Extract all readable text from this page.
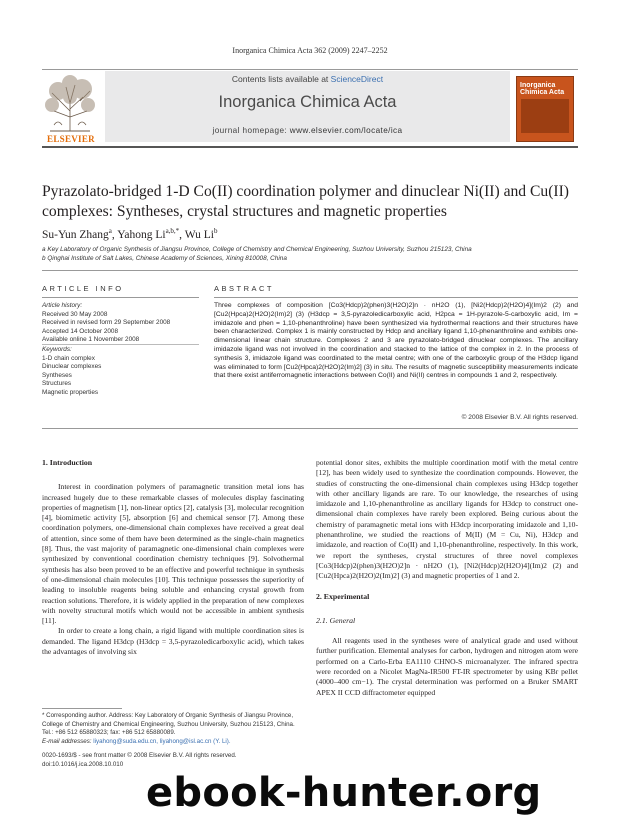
Inorganica Chimica Acta 362 (2009) 2247–2252
Contents lists available at ScienceDirect
Inorganica Chimica Acta
journal homepage: www.elsevier.com/locate/ica
ELSEVIER
Inorganica Chimica Acta
Pyrazolato-bridged 1-D Co(II) coordination polymer and dinuclear Ni(II) and Cu(II) complexes: Syntheses, crystal structures and magnetic properties
Su-Yun Zhang$^a$, Yahong $Li^{a,b,*}$, Wu Li$^b$
a Key Laboratory of Organic Synthesis of Jiangsu Province, College of Chemistry and Chemical Engineering, Suzhou University, Suzhou 215123, China
b Qinghai Institute of Salt Lakes, Chinese Academy of Sciences, Xining 810008, China
ARTICLE INFO	ABSTRACT
Article history:
Received 30 May 2008
Received in revised form 29 September 2008
Accepted 14 October 2008
Available online 1 November 2008
Keywords:
1-D chain complex
Dinuclear complexes
Syntheses
Structures
Magnetic properties
Three complexes of composition [Co3(Hdcp)2(phen)3(H2O)2]n · nH2O (1), [Ni2(Hdcp)2(H2O)4](Im)2 (2) and [Cu2(Hpca)2(H2O)2(Im)2] (3) (H3dcp = 3,5-pyrazoledicarboxylic acid, H2pca = 1H-pyrazole-5-carboxylic acid, Im = imidazole and phen = 1,10-phenanthroline) have been synthesized via hydrothermal reactions and their structures have been characterized. Complex 1 is mainly constructed by Hdcp and ancillary ligand 1,10-phenanthroline and exhibits one-dimensional linear chain structure. Complexes 2 and 3 are pyrazolato-bridged dinuclear complexes. The ancillary imidazole ligand was not involved in the coordination and stacked to the lattice of the complex in 2. In the process of synthesis 3, imidazole ligand was coordinated to the metal centre; with one of the carboxylic group of the H3dcp ligand was eliminated to form [Cu2(Hpca)2(H2O)2(Im)2] (3) in situ. The results of magnetic susceptibility measurements indicate that there exist antiferromagnetic interactions between Co(II) and Ni(II) centres in compounds 1 and 2, respectively.
© 2008 Elsevier B.V. All rights reserved.

1. Introduction

Interest in coordination polymers of paramagnetic transition metal ions has increased hugely due to these remarkable classes of molecules display fascinating properties of magnetism [1], non-linear optics [2], catalysis [3], molecular recognition [4], biomimetic activity [5], absorption [6] and chemical sensor [7]. Among these coordination polymers, one-dimensional chain complexes have received a great deal of attention, since some of them have been determined as the single-chain magnetics [8]. Thus, the vast majority of paramagnetic one-dimensional chain complexes were synthesized by conventional coordination chemistry techniques [9]. Solvothermal synthesis has also been proved to be an effective and powerful technique in synthesis of one-dimensional chain molecules [10]. This technique possesses the superiority of leading to insoluble reagents being soluble and enhancing crystal growth from reaction solutions. Therefore, it is widely applied in the preparation of new complexes with novelty structural motifs which would not be accessible in ambient synthesis [11].

In order to create a long chain, a rigid ligand with multiple coordination sites is demanded. The ligand H3dcp (H3dcp = 3,5-pyrazoledicarboxylic acid), which takes the advantages of involving six

potential donor sites, exhibits the multiple coordination motif with the metal centre [12], has been widely used to synthesize the coordination compounds. However, the studies of constructing the one-dimensional chain complexes using H3dcp together with other ancillary ligands are rare. To our knowledge, the researches of using imidazole and 1,10-phenanthroline as ancillary ligands for H3dcp to construct one-dimensional chain complexes have rarely been explored. Being curious about the chemistry of paramagnetic metal ions with H3dcp incorporating imidazole and 1,10-phenanthroline, we studied the reactions of M(II) (M = Cu, Ni), H3dcp and imidazole, and reaction of Co(II) and 1,10-phenanthroline, respectively. In this work, we report the syntheses, crystal structures of three novel complexes [Co3(Hdcp)2(phen)3(H2O)2]n · nH2O (1), [Ni2(Hdcp)2(H2O)4](Im)2 (2) and [Cu2(Hpca)2(H2O)2(Im)2] (3) and magnetic properties of 1 and 2.

2. Experimental

2.1. General

All reagents used in the syntheses were of analytical grade and used without further purification. Elemental analyses for carbon, hydrogen and nitrogen atom were performed on a Carlo-Erba EA1110 CHNO-S microanalyzer. The infrared spectra were recorded on a Nicolet MagNa-IR500 FT-IR spectrometer by using KBr pellet (4000–400 cm−1). The crystal determination was performed on a Bruker SMART APEX II CCD diffractometer equipped

* Corresponding author. Address: Key Laboratory of Organic Synthesis of Jiangsu Province, College of Chemistry and Chemical Engineering, Suzhou University, Suzhou 215123, China. Tel.: +86 512 65880323; fax: +86 512 65880089.
E-mail addresses: liyahong@suda.edu.cn, liyahong@isl.ac.cn (Y. Li).
0020-1693/$ - see front matter © 2008 Elsevier B.V. All rights reserved.
doi:10.1016/j.ica.2008.10.010
ebook-hunter.org
